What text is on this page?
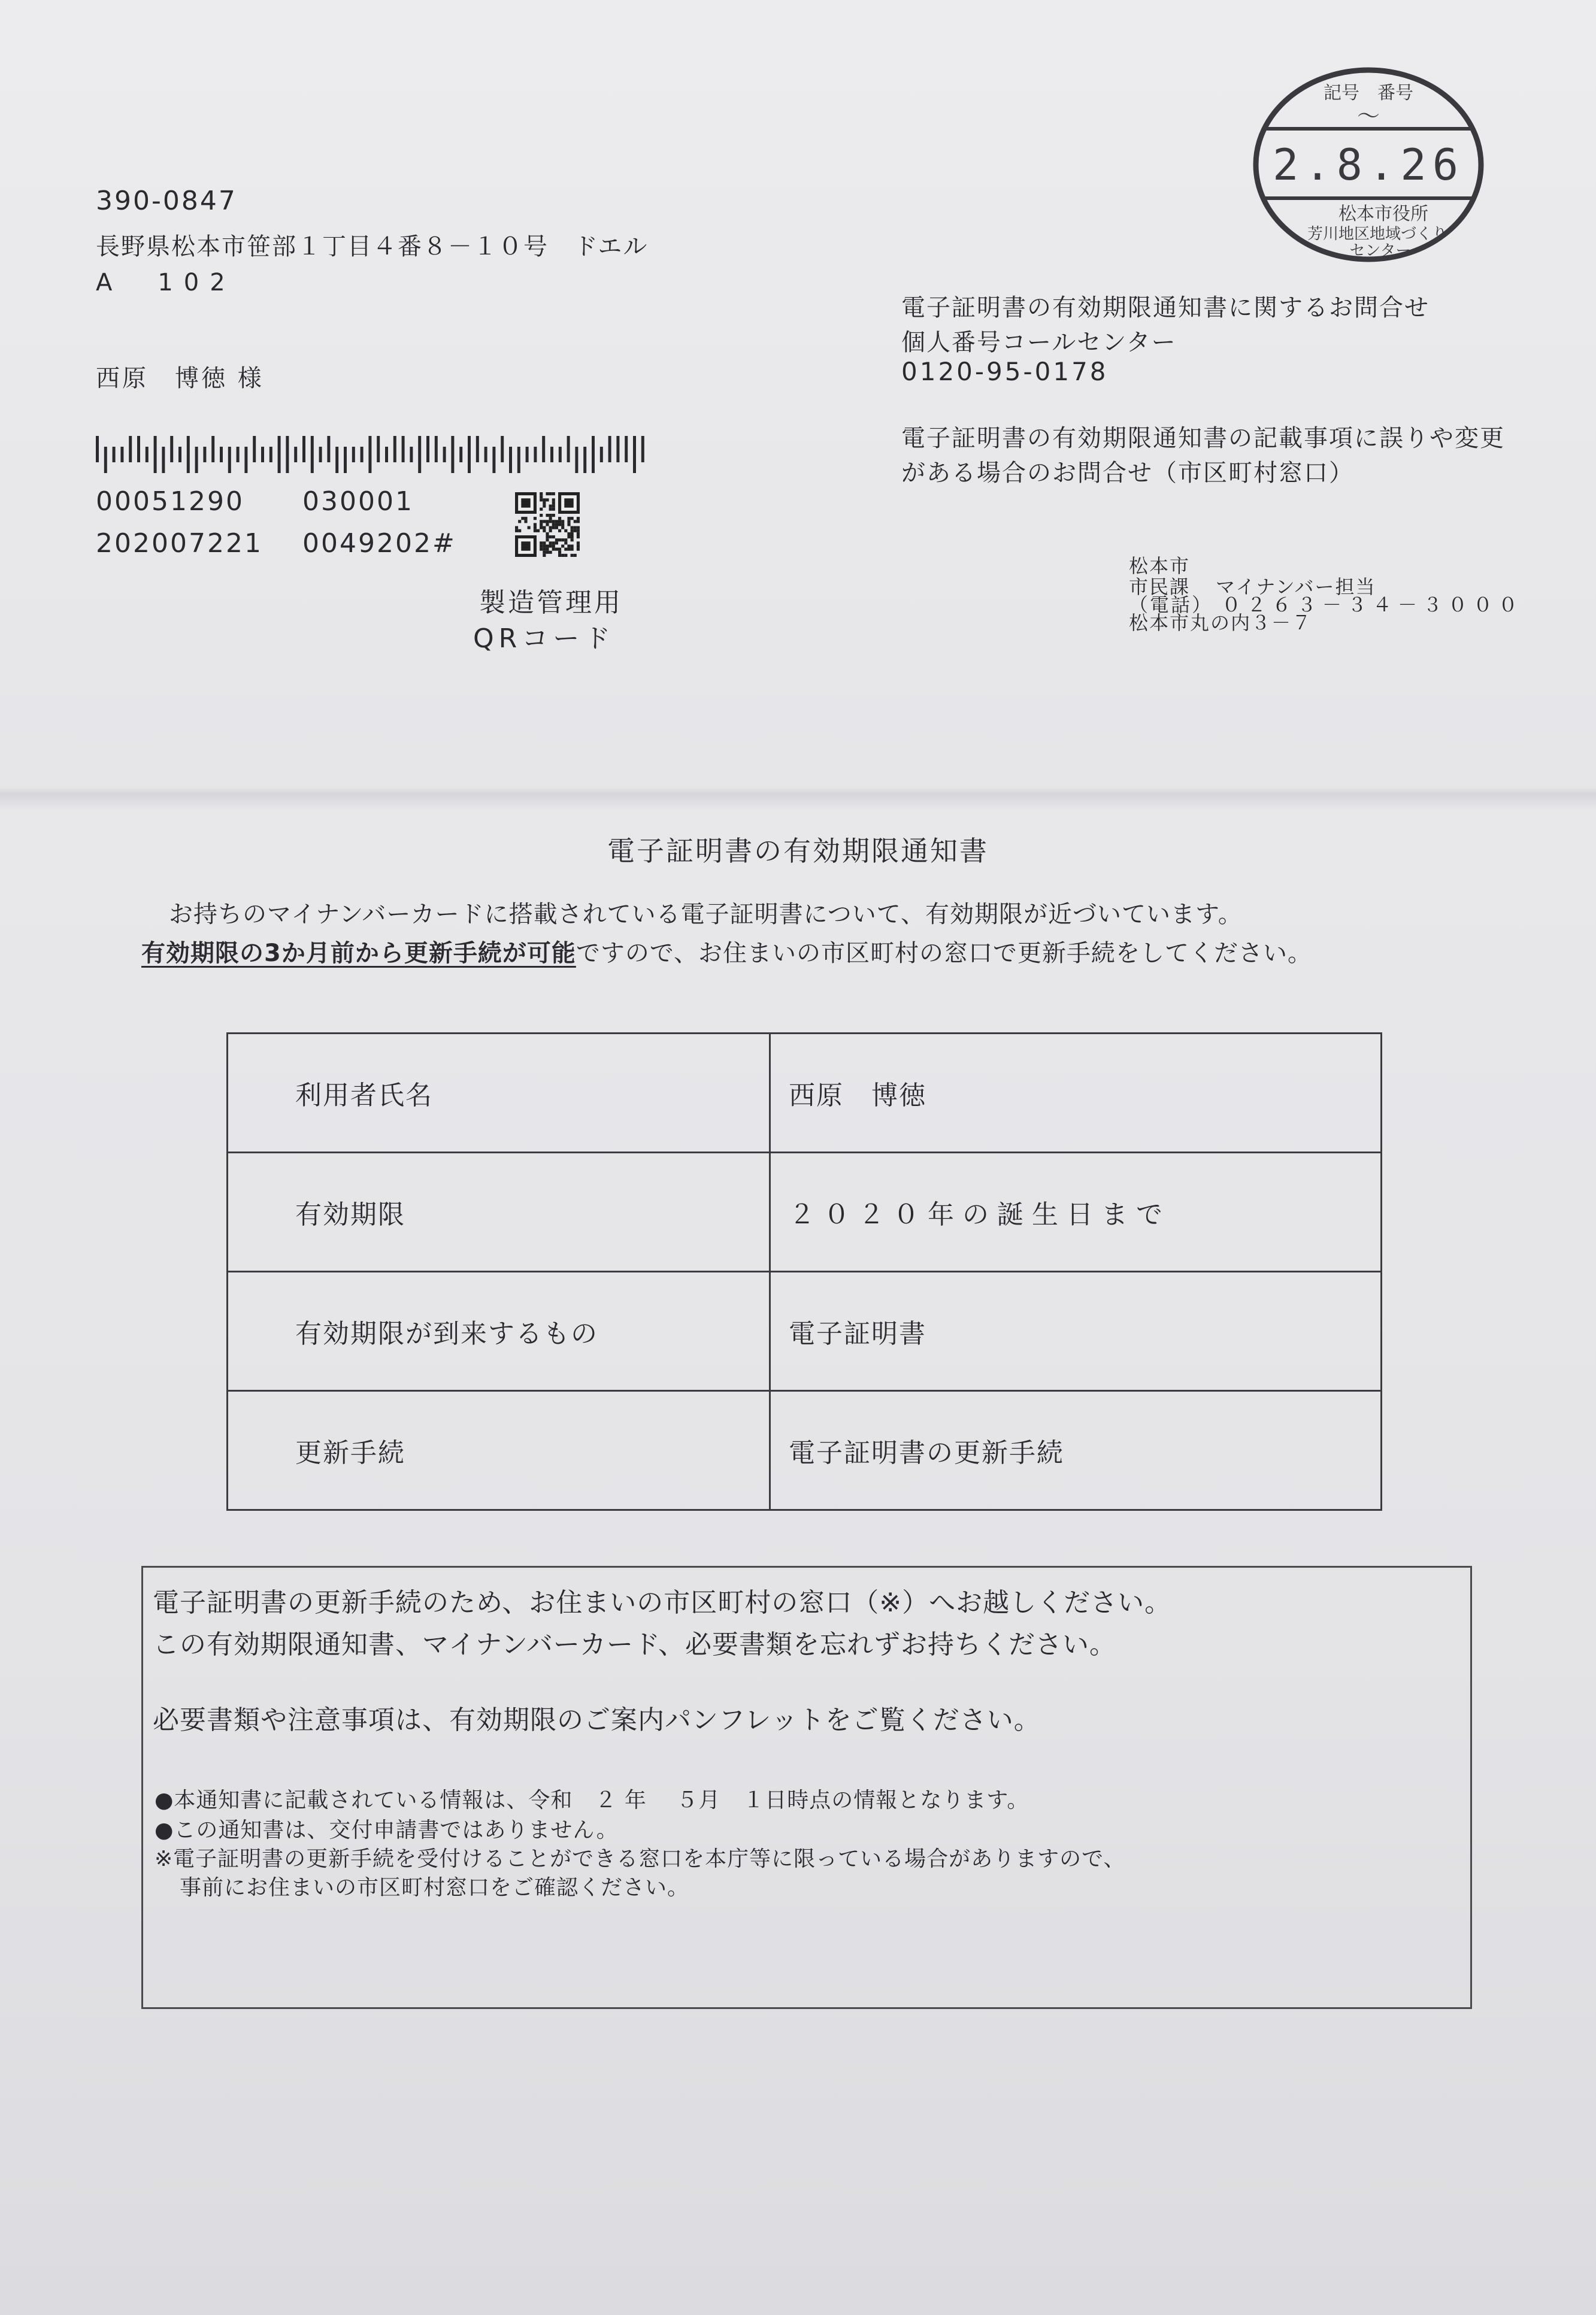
記号　番号
〜
2.8.26
松本市役所
芳川地区地域づくり
センター
390-0847
長野県松本市笹部１丁目４番８－１０号　ドエル
A　102
西原　博徳 様
00051290 030001
202007221 0049202#
製造管理用
QRコード
電子証明書の有効期限通知書に関するお問合せ
個人番号コールセンター
0120-95-0178
電子証明書の有効期限通知書の記載事項に誤りや変更
がある場合のお問合せ（市区町村窓口）
松本市
市民課 マイナンバー担当
（電話） ０２６３－３４－３０００
松本市丸の内３－７
電子証明書の有効期限通知書
お持ちのマイナンバーカードに搭載されている電子証明書について、有効期限が近づいています。
有効期限の3か月前から更新手続が可能ですので、お住まいの市区町村の窓口で更新手続をしてください。
利用者氏名	西原　博徳
有効期限	２０２０年の誕生日まで
有効期限が到来するもの	電子証明書
更新手続	電子証明書の更新手続
電子証明書の更新手続のため、お住まいの市区町村の窓口（※）へお越しください。
この有効期限通知書、マイナンバーカード、必要書類を忘れずお持ちください。
必要書類や注意事項は、有効期限のご案内パンフレットをご覧ください。
●本通知書に記載されている情報は、令和　２ 年　 ５月　１日時点の情報となります。
●この通知書は、交付申請書ではありません。
※電子証明書の更新手続を受付けることができる窓口を本庁等に限っている場合がありますので、
事前にお住まいの市区町村窓口をご確認ください。
